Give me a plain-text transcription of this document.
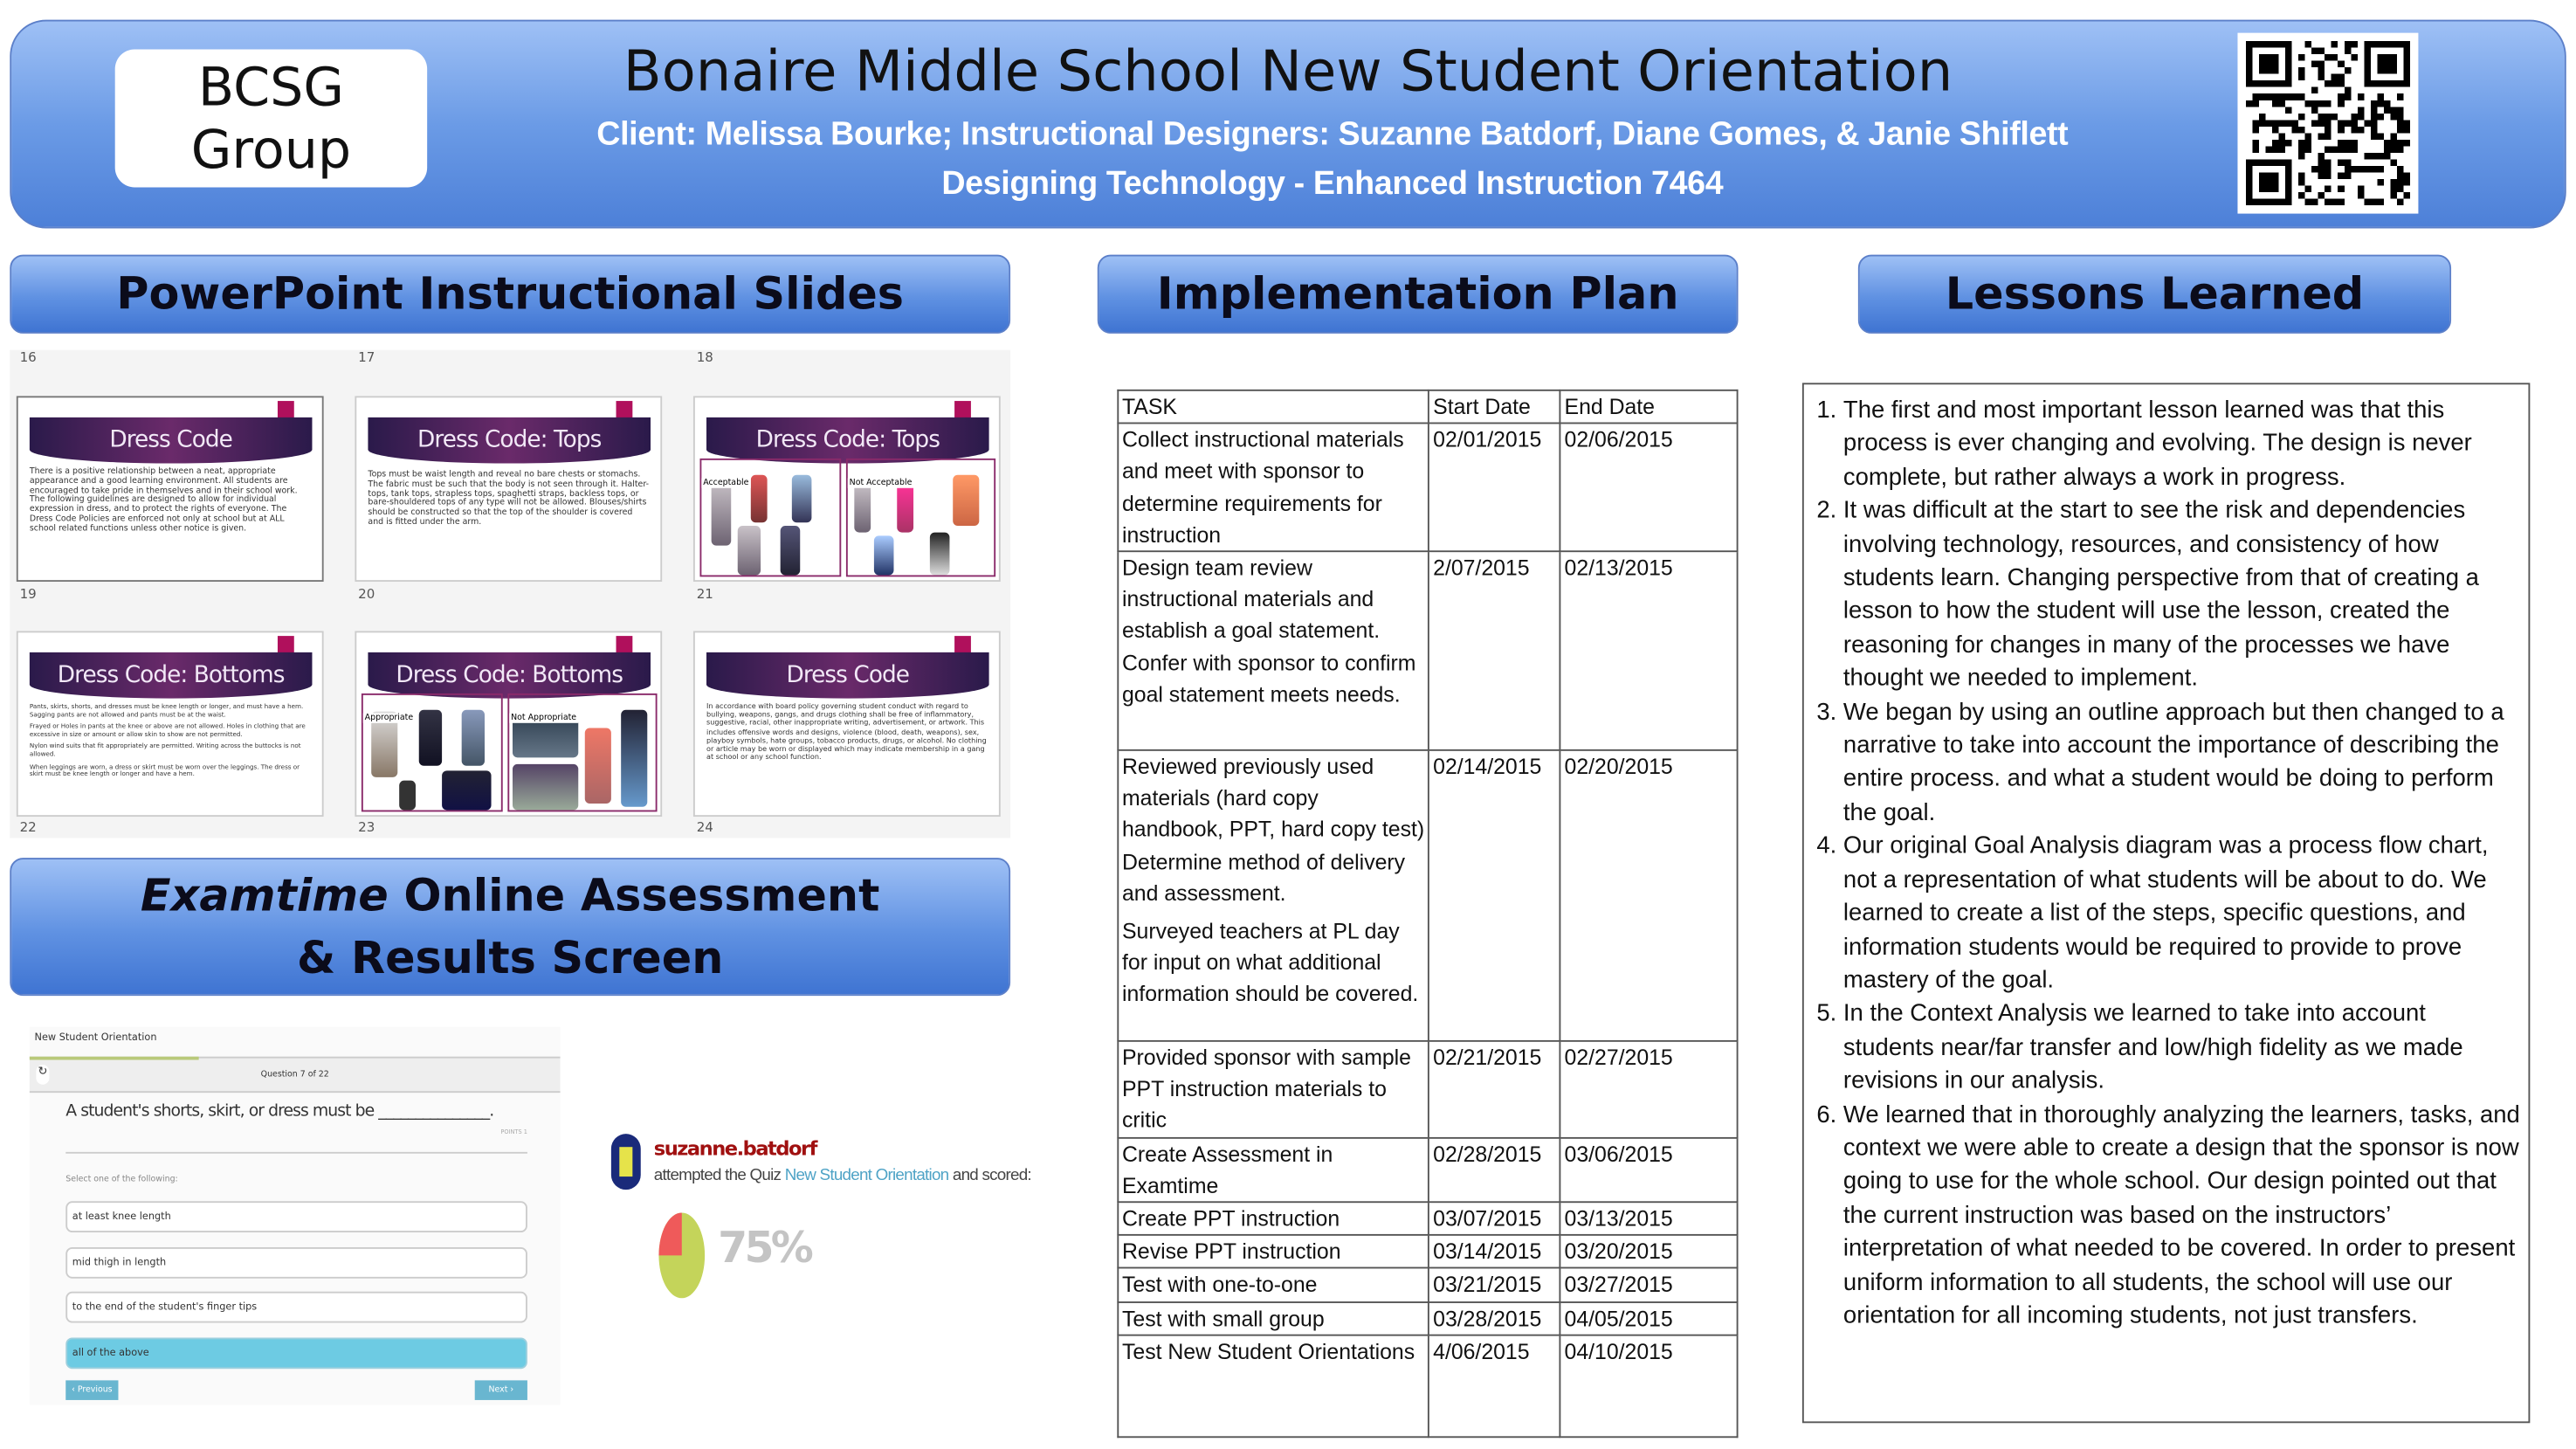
BCSG
Group
Bonaire Middle School New Student Orientation
Client: Melissa Bourke; Instructional Designers: Suzanne Batdorf, Diane Gomes, & Janie Shiflett
Designing Technology - Enhanced Instruction 7464
PowerPoint Instructional Slides	Implementation Plan	Lessons Learned
16	17	18
Dress Code
There is a positive relationship between a neat, appropriate appearance and a good learning environment. All students are encouraged to take pride in themselves and in their school work. The following guidelines are designed to allow for individual expression in dress, and to protect the rights of everyone. The Dress Code Policies are enforced not only at school but at ALL school related functions unless other notice is given.
Dress Code: Tops
Tops must be waist length and reveal no bare chests or stomachs. The fabric must be such that the body is not seen through it. Halter-tops, tank tops, strapless tops, spaghetti straps, backless tops, or bare-shouldered tops of any type will not be allowed. Blouses/shirts should be constructed so that the top of the shoulder is covered and is fitted under the arm.
Dress Code: Tops
Acceptable	Not Acceptable
19	20	21
Dress Code: Bottoms
Pants, skirts, shorts, and dresses must be knee length or longer, and must have a hem. Sagging pants are not allowed and pants must be at the waist.
Frayed or Holes in pants at the knee or above are not allowed. Holes in clothing that are excessive in size or amount or allow skin to show are not permitted.
Nylon wind suits that fit appropriately are permitted. Writing across the buttocks is not allowed.
When leggings are worn, a dress or skirt must be worn over the leggings. The dress or skirt must be knee length or longer and have a hem.
Dress Code: Bottoms
Appropriate	Not Appropriate
Dress Code
In accordance with board policy governing student conduct with regard to bullying, weapons, gangs, and drugs clothing shall be free of inflammatory, suggestive, racial, other inappropriate writing, advertisement, or artwork. This includes offensive words and designs, violence (blood, death, weapons), sex, playboy symbols, hate groups, tobacco products, drugs, or alcohol. No clothing or article may be worn or displayed which may indicate membership in a gang at school or any school function.
22	23	24
Examtime Online Assessment
& Results Screen
New Student Orientation
↻	Question 7 of 22
A student's shorts, skirt, or dress must be _______________.
POINTS 1
Select one of the following:
at least knee length
mid thigh in length
to the end of the student's finger tips
all of the above
‹ Previous	Next ›
suzanne.batdorf
attempted the Quiz New Student Orientation and scored:
75%
TASK	Start Date	End Date

Collect instructional materials and meet with sponsor to determine requirements for instruction	02/01/2015	02/06/2015

Design team review instructional materials and establish a goal statement. Confer with sponsor to confirm goal statement meets needs.	2/07/2015	02/13/2015

Reviewed previously used materials (hard copy handbook, PPT, hard copy test) Determine method of delivery and assessment.
Surveyed teachers at PL day for input on what additional information should be covered.	02/14/2015	02/20/2015

Provided sponsor with sample PPT instruction materials to critic	02/21/2015	02/27/2015

Create Assessment in Examtime	02/28/2015	03/06/2015

Create PPT instruction	03/07/2015	03/13/2015

Revise PPT instruction	03/14/2015	03/20/2015

Test with one-to-one	03/21/2015	03/27/2015

Test with small group	03/28/2015	04/05/2015

Test New Student Orientations	4/06/2015	04/10/2015
1. The first and most important lesson learned was that this process is ever changing and evolving. The design is never complete, but rather always a work in progress.
2. It was difficult at the start to see the risk and dependencies involving technology, resources, and consistency of how students learn. Changing perspective from that of creating a lesson to how the student will use the lesson, created the reasoning for changes in many of the processes we have thought we needed to implement.
3. We began by using an outline approach but then changed to a narrative to take into account the importance of describing the entire process. and what a student would be doing to perform the goal.
4. Our original Goal Analysis diagram was a process flow chart, not a representation of what students will be about to do. We learned to create a list of the steps, specific questions, and information students would be required to provide to prove mastery of the goal.
5. In the Context Analysis we learned to take into account students near/far transfer and low/high fidelity as we made revisions in our analysis.
6. We learned that in thoroughly analyzing the learners, tasks, and context we were able to create a design that the sponsor is now going to use for the whole school. Our design pointed out that the current instruction was based on the instructors’ interpretation of what needed to be covered. In order to present uniform information to all students, the school will use our orientation for all incoming students, not just transfers.
